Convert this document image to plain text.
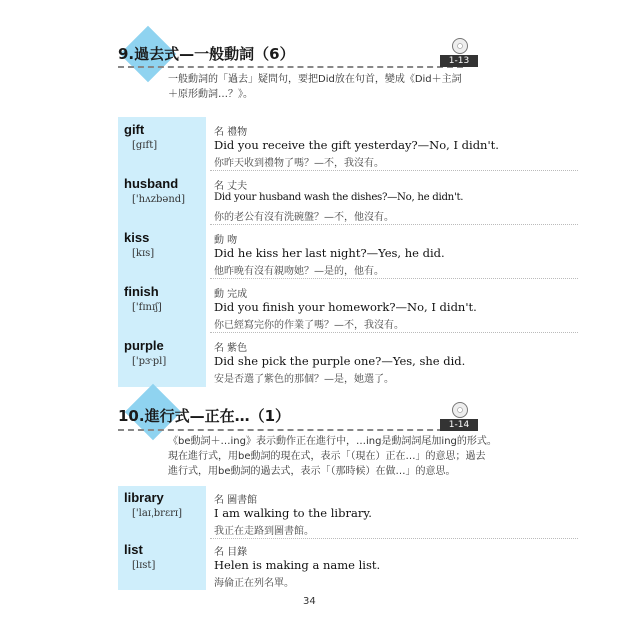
9.過去式—一般動詞（6）	1-13
一般動詞的「過去」疑問句，要把Did放在句首，變成《Did＋主詞
＋原形動詞…？》。
gift
[gɪft]
名 禮物
Did you receive the gift yesterday?—No, I didn't.
你昨天收到禮物了嗎？—不，我沒有。
husband
['hʌzbənd]
名 丈夫
Did your husband wash the dishes?—No, he didn't.
你的老公有沒有洗碗盤？—不，他沒有。
kiss
[kɪs]
動 吻
Did he kiss her last night?—Yes, he did.
他昨晚有沒有親吻她？—是的，他有。
finish
['fɪnɪʃ]
動 完成
Did you finish your homework?—No, I didn't.
你已經寫完你的作業了嗎？—不，我沒有。
purple
['pɝpl]
名 紫色
Did she pick the purple one?—Yes, she did.
安是否選了紫色的那個？—是，她選了。
10.進行式—正在…（1）	1-14
《be動詞＋…ing》表示動作正在進行中，…ing是動詞詞尾加ing的形式。
現在進行式，用be動詞的現在式，表示「（現在）正在…」的意思；過去
進行式，用be動詞的過去式，表示「（那時候）在做…」的意思。
library
['laɪˌbrɛrɪ]
名 圖書館
I am walking to the library.
我正在走路到圖書館。
list
[lɪst]
名 目錄
Helen is making a name list.
海倫正在列名單。
34
